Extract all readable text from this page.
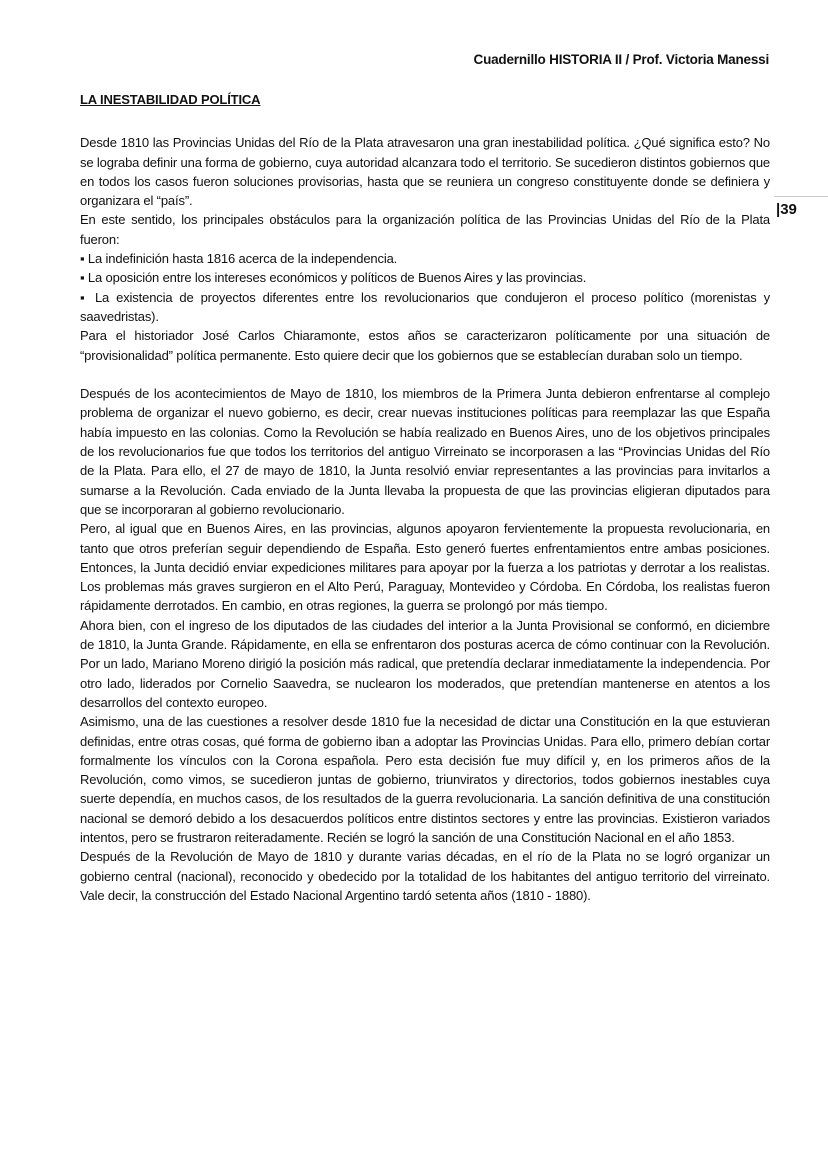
Cuadernillo HISTORIA II / Prof. Victoria Manessi
|39
LA INESTABILIDAD POLÍTICA

Desde 1810 las Provincias Unidas del Río de la Plata atravesaron una gran inestabilidad política. ¿Qué significa esto? No se lograba definir una forma de gobierno, cuya autoridad alcanzara todo el territorio. Se sucedieron distintos gobiernos que en todos los casos fueron soluciones provisorias, hasta que se reuniera un congreso constituyente donde se definiera y organizara el “país”.

En este sentido, los principales obstáculos para la organización política de las Provincias Unidas del Río de la Plata fueron:

▪ La indefinición hasta 1816 acerca de la independencia.

▪ La oposición entre los intereses económicos y políticos de Buenos Aires y las provincias.

▪ La existencia de proyectos diferentes entre los revolucionarios que condujeron el proceso político (morenistas y saavedristas).

Para el historiador José Carlos Chiaramonte, estos años se caracterizaron políticamente por una situación de “provisionalidad” política permanente. Esto quiere decir que los gobiernos que se establecían duraban solo un tiempo.

Después de los acontecimientos de Mayo de 1810, los miembros de la Primera Junta debieron enfrentarse al complejo problema de organizar el nuevo gobierno, es decir, crear nuevas instituciones políticas para reemplazar las que España había impuesto en las colonias. Como la Revolución se había realizado en Buenos Aires, uno de los objetivos principales de los revolucionarios fue que todos los territorios del antiguo Virreinato se incorporasen a las “Provincias Unidas del Río de la Plata. Para ello, el 27 de mayo de 1810, la Junta resolvió enviar representantes a las provincias para invitarlos a sumarse a la Revolución. Cada enviado de la Junta llevaba la propuesta de que las provincias eligieran diputados para que se incorporaran al gobierno revolucionario.

Pero, al igual que en Buenos Aires, en las provincias, algunos apoyaron fervientemente la propuesta revolucionaria, en tanto que otros preferían seguir dependiendo de España. Esto generó fuertes enfrentamientos entre ambas posiciones. Entonces, la Junta decidió enviar expediciones militares para apoyar por la fuerza a los patriotas y derrotar a los realistas. Los problemas más graves surgieron en el Alto Perú, Paraguay, Montevideo y Córdoba. En Córdoba, los realistas fueron rápidamente derrotados. En cambio, en otras regiones, la guerra se prolongó por más tiempo.

Ahora bien, con el ingreso de los diputados de las ciudades del interior a la Junta Provisional se conformó, en diciembre de 1810, la Junta Grande. Rápidamente, en ella se enfrentaron dos posturas acerca de cómo continuar con la Revolución. Por un lado, Mariano Moreno dirigió la posición más radical, que pretendía declarar inmediatamente la independencia. Por otro lado, liderados por Cornelio Saavedra, se nuclearon los moderados, que pretendían mantenerse en atentos a los desarrollos del contexto europeo.

Asimismo, una de las cuestiones a resolver desde 1810 fue la necesidad de dictar una Constitución en la que estuvieran definidas, entre otras cosas, qué forma de gobierno iban a adoptar las Provincias Unidas. Para ello, primero debían cortar formalmente los vínculos con la Corona española. Pero esta decisión fue muy difícil y, en los primeros años de la Revolución, como vimos, se sucedieron juntas de gobierno, triunviratos y directorios, todos gobiernos inestables cuya suerte dependía, en muchos casos, de los resultados de la guerra revolucionaria. La sanción definitiva de una constitución nacional se demoró debido a los desacuerdos políticos entre distintos sectores y entre las provincias. Existieron variados intentos, pero se frustraron reiteradamente. Recién se logró la sanción de una Constitución Nacional en el año 1853.

Después de la Revolución de Mayo de 1810 y durante varias décadas, en el río de la Plata no se logró organizar un gobierno central (nacional), reconocido y obedecido por la totalidad de los habitantes del antiguo territorio del virreinato. Vale decir, la construcción del Estado Nacional Argentino tardó setenta años (1810 - 1880).
